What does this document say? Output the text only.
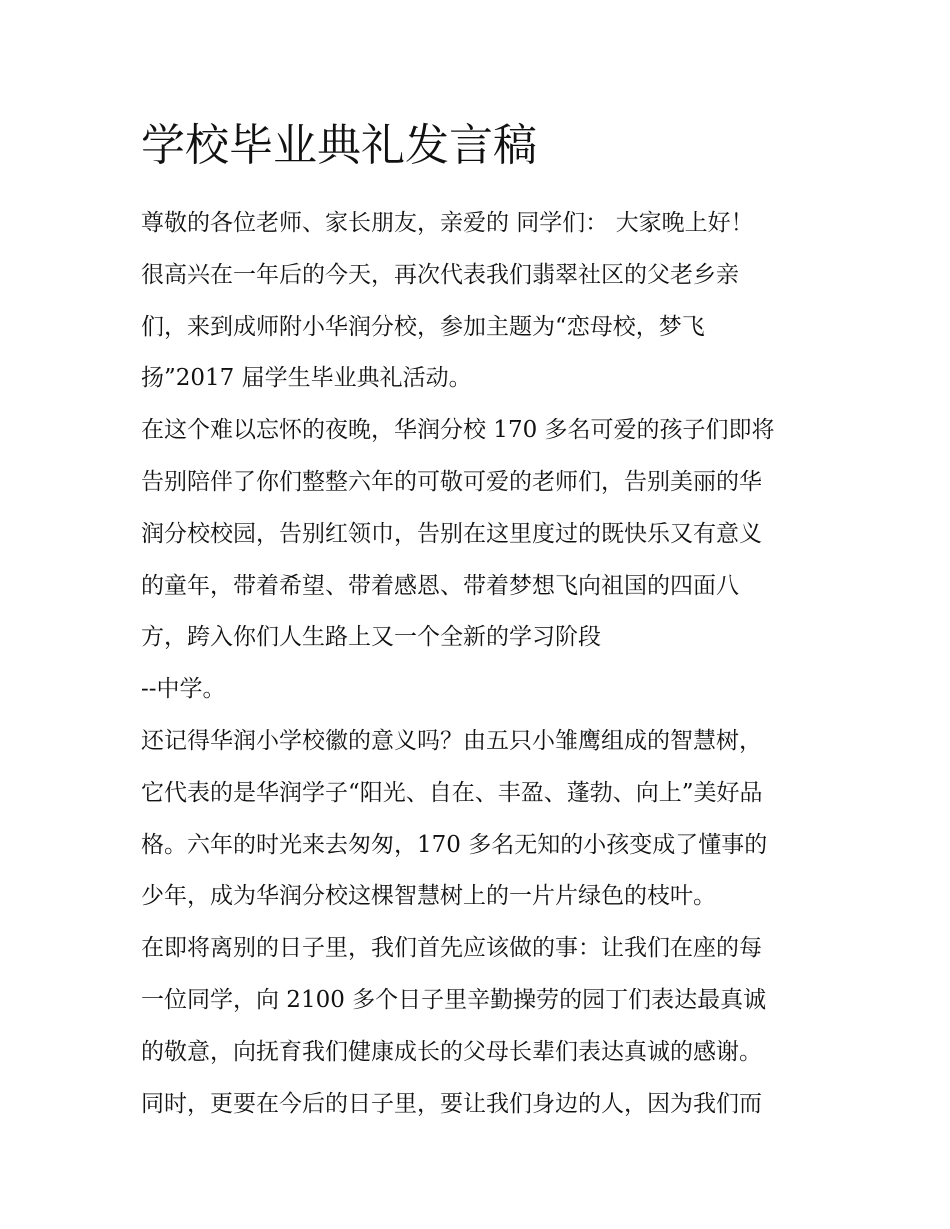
学校毕业典礼发言稿
尊敬的各位老师、家长朋友，亲爱的 同学们： 大家晚上好！
很高兴在一年后的今天，再次代表我们翡翠社区的父老乡亲
们，来到成师附小华润分校，参加主题为“恋母校，梦飞
扬”2017 届学生毕业典礼活动。
在这个难以忘怀的夜晚，华润分校 170 多名可爱的孩子们即将
告别陪伴了你们整整六年的可敬可爱的老师们，告别美丽的华
润分校校园，告别红领巾，告别在这里度过的既快乐又有意义
的童年，带着希望、带着感恩、带着梦想飞向祖国的四面八
方，跨入你们人生路上又一个全新的学习阶段
--中学。
还记得华润小学校徽的意义吗？由五只小雏鹰组成的智慧树，
它代表的是华润学子“阳光、自在、丰盈、蓬勃、向上”美好品
格。六年的时光来去匆匆，170 多名无知的小孩变成了懂事的
少年，成为华润分校这棵智慧树上的一片片绿色的枝叶。
在即将离别的日子里，我们首先应该做的事：让我们在座的每
一位同学，向 2100 多个日子里辛勤操劳的园丁们表达最真诚
的敬意，向抚育我们健康成长的父母长辈们表达真诚的感谢。
同时，更要在今后的日子里，要让我们身边的人，因为我们而
